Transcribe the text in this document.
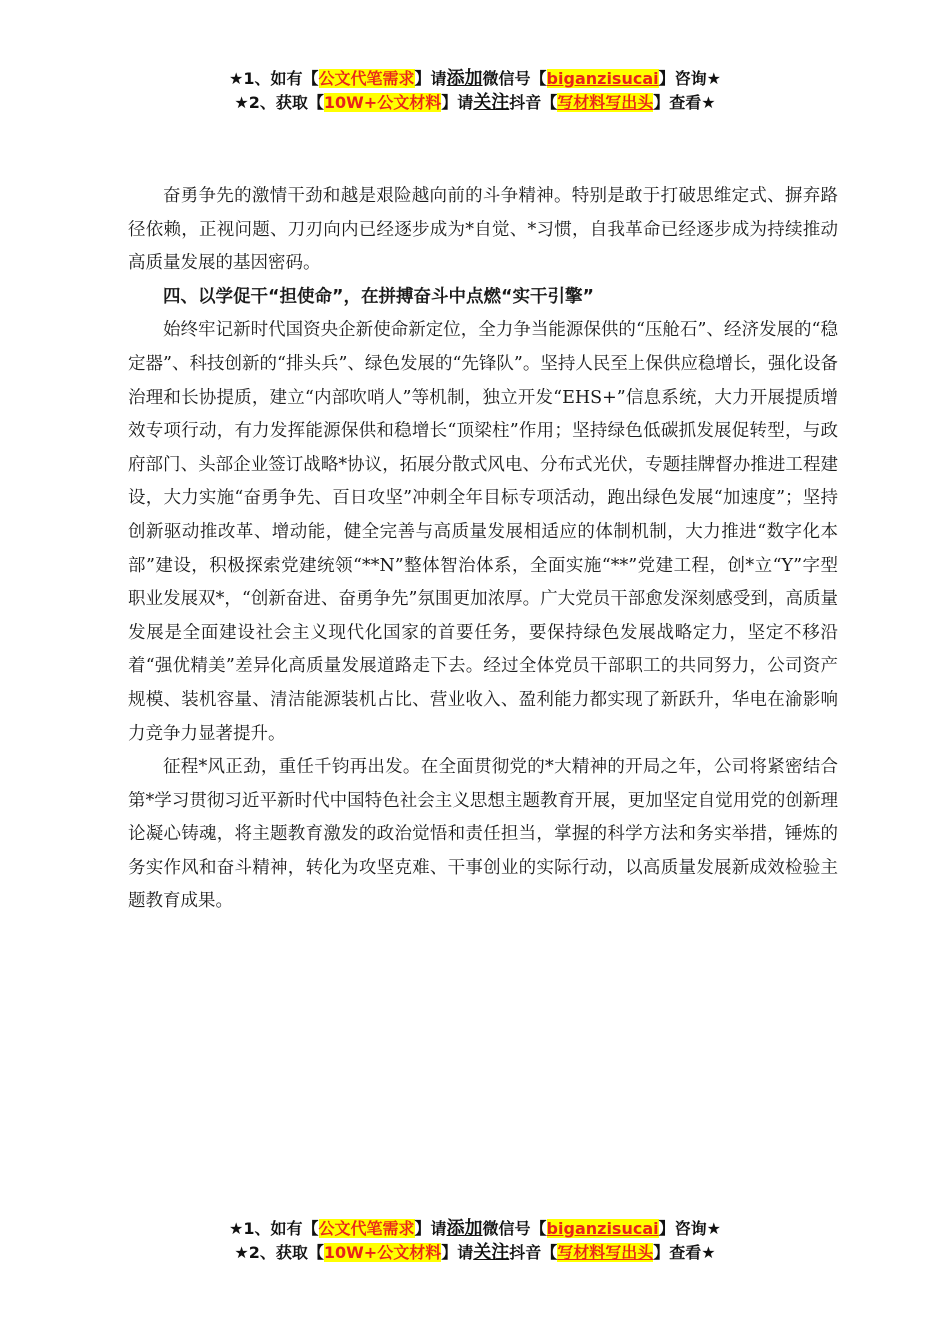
★1、如有【公文代笔需求】请添加微信号【biganzisucai】咨询★
★2、获取【10W+公文材料】请关注抖音【写材料写出头】查看★

奋勇争先的激情干劲和越是艰险越向前的斗争精神。特别是敢于打破思维定式、摒弃路径依赖，正视问题、刀刃向内已经逐步成为*自觉、*习惯，自我革命已经逐步成为持续推动高质量发展的基因密码。

四、以学促干“担使命”，在拼搏奋斗中点燃“实干引擎”

始终牢记新时代国资央企新使命新定位，全力争当能源保供的“压舱石”、经济发展的“稳定器”、科技创新的“排头兵”、绿色发展的“先锋队”。坚持人民至上保供应稳增长，强化设备治理和长协提质，建立“内部吹哨人”等机制，独立开发“EHS+”信息系统，大力开展提质增效专项行动，有力发挥能源保供和稳增长“顶梁柱”作用；坚持绿色低碳抓发展促转型，与政府部门、头部企业签订战略*协议，拓展分散式风电、分布式光伏，专题挂牌督办推进工程建设，大力实施“奋勇争先、百日攻坚”冲刺全年目标专项活动，跑出绿色发展“加速度”；坚持创新驱动推改革、增动能，健全完善与高质量发展相适应的体制机制，大力推进“数字化本部”建设，积极探索党建统领“**N”整体智治体系，全面实施“**”党建工程，创*立“Y”字型职业发展双*，“创新奋进、奋勇争先”氛围更加浓厚。广大党员干部愈发深刻感受到，高质量发展是全面建设社会主义现代化国家的首要任务，要保持绿色发展战略定力，坚定不移沿着“强优精美”差异化高质量发展道路走下去。经过全体党员干部职工的共同努力，公司资产规模、装机容量、清洁能源装机占比、营业收入、盈利能力都实现了新跃升，华电在渝影响力竞争力显著提升。

征程*风正劲，重任千钧再出发。在全面贯彻党的*大精神的开局之年，公司将紧密结合第*学习贯彻习近平新时代中国特色社会主义思想主题教育开展，更加坚定自觉用党的创新理论凝心铸魂，将主题教育激发的政治觉悟和责任担当，掌握的科学方法和务实举措，锤炼的务实作风和奋斗精神，转化为攻坚克难、干事创业的实际行动，以高质量发展新成效检验主题教育成果。

★1、如有【公文代笔需求】请添加微信号【biganzisucai】咨询★
★2、获取【10W+公文材料】请关注抖音【写材料写出头】查看★
